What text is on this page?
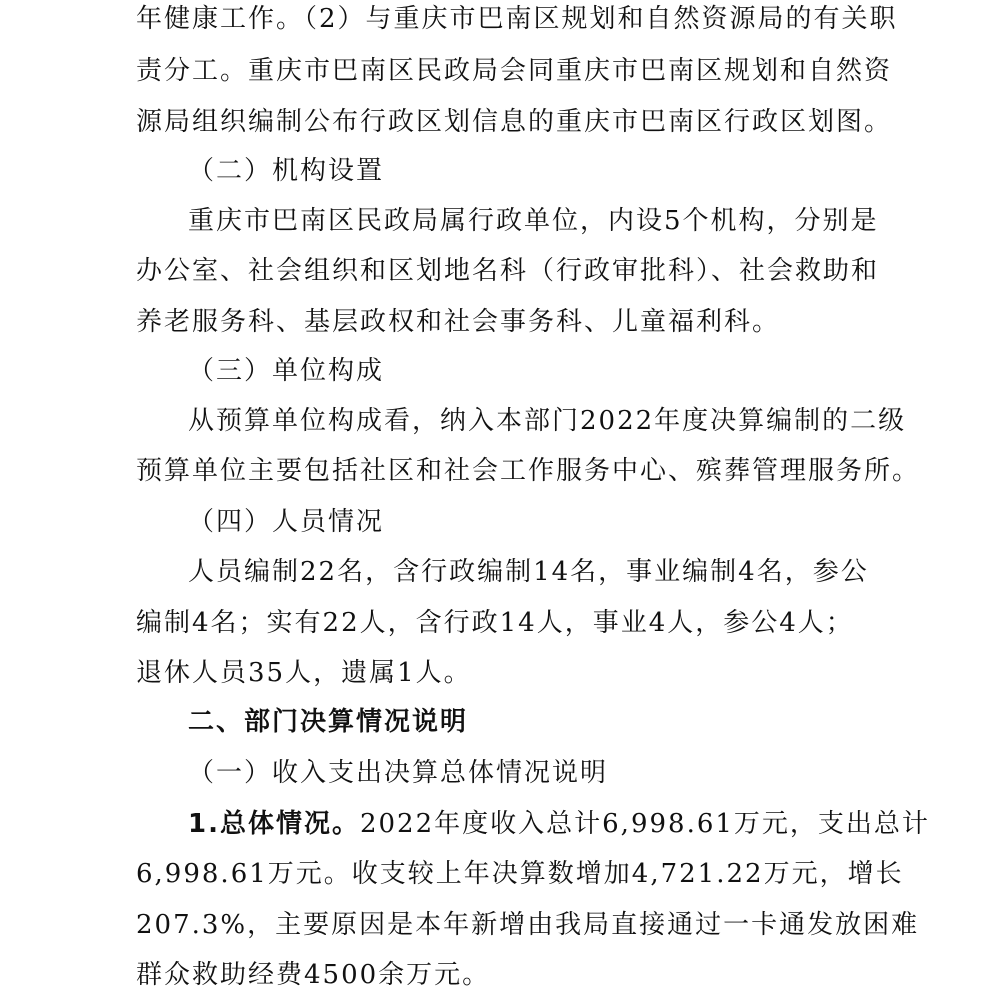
年健康工作。（2）与重庆市巴南区规划和自然资源局的有关职
责分工。重庆市巴南区民政局会同重庆市巴南区规划和自然资
源局组织编制公布行政区划信息的重庆市巴南区行政区划图。
（二）机构设置
重庆市巴南区民政局属行政单位，内设5个机构，分别是
办公室、社会组织和区划地名科（行政审批科）、社会救助和
养老服务科、基层政权和社会事务科、儿童福利科。
（三）单位构成
从预算单位构成看，纳入本部门2022年度决算编制的二级
预算单位主要包括社区和社会工作服务中心、殡葬管理服务所。
（四）人员情况
人员编制22名，含行政编制14名，事业编制4名，参公
编制4名；实有22人，含行政14人，事业4人，参公4人；
退休人员35人，遗属1人。
二、部门决算情况说明
（一）收入支出决算总体情况说明
1.总体情况。2022年度收入总计6,998.61万元，支出总计
6,998.61万元。收支较上年决算数增加4,721.22万元，增长
207.3%，主要原因是本年新增由我局直接通过一卡通发放困难
群众救助经费4500余万元。
